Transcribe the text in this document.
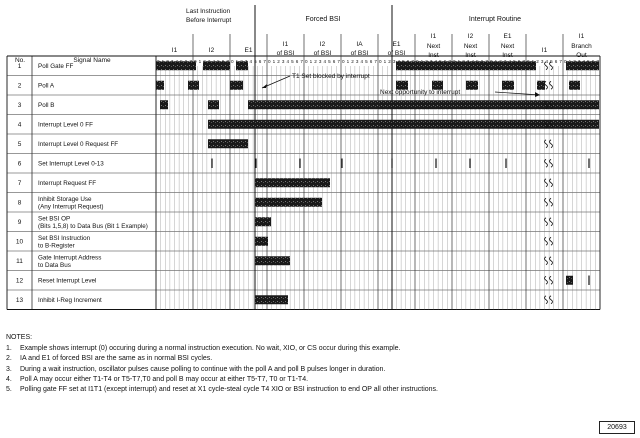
No.	Signal Name
Last Instruction
Before Interrupt	Forced BSI	Interrupt Routine
I1
0 1 2 3 4 5 6 7
I2
0 1 2 3 4 5 6 7
E1
0 1 2 3 4 5 6 7
I1
of BSI
0 1 2 3 4 5 6 7
I2
of BSI
0 1 2 3 4 5 6 7
IA
of BSI
0 1 2 3 4 5 6 7
E1
of BSI
0 1 2 3 4 5 6 7
I1
Next
Inst
0 1 2 3 4 5 6 7
I2
Next
Inst
0 1 2 3 4 5 6 7
E1
Next
Inst
0 1 2 3 4 5 6 7
I1
0 1 2 3 4 5 6 7
I1
Branch
Out
0 1 2 3 4 5 6 7
1	Poll Gate FF
2	Poll A
3	Poll B
4	Interrupt Level 0 FF
5	Interrupt Level 0 Request FF
6	Set Interrupt Level 0-13
7	Interrupt Request FF
8	Inhibit Storage Use
(Any Interrupt Request)
9	Set BSI OP
(Bits 1,5,8) to Data Bus (Bit 1 Example)
10 Set BSI Instruction
to B-Register
11 Gate Interrupt Address
to Data Bus
12 Reset Interrupt Level
13 Inhibit I-Reg Increment
T1 Set blocked by interrupt
Next opportunity to interrupt
NOTES:
1. Example shows interrupt (0) occuring during a normal instruction execution. No wait, XIO, or CS occur during this example.
2. IA and E1 of forced BSI are the same as in normal BSI cycles.
3. During a wait instruction, oscillator pulses cause polling to continue with the poll A and poll B pulses longer in duration.
4. Poll A may occur either T1-T4 or T5-T7,T0 and poll B may occur at either T5-T7, T0 or T1-T4.
5. Polling gate FF set at I1T1 (except interrupt) and reset at X1 cycle-steal cycle T4 XIO or BSI instruction to end OP all other instructions.
20693
